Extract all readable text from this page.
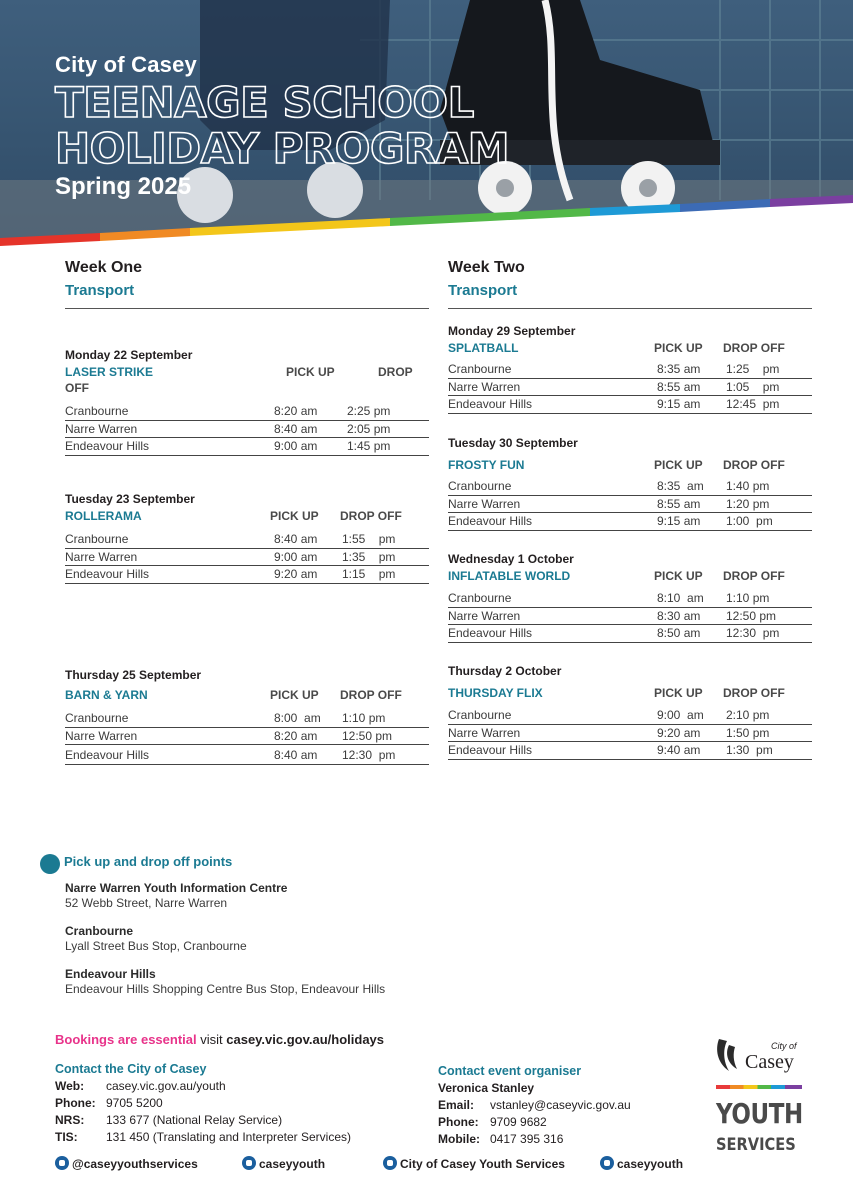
City of Casey
TEENAGE SCHOOL
HOLIDAY PROGRAM
Spring 2025
Week One
Transport
Monday 22 September
LASER STRIKE	PICK UP	DROP
OFF
Cranbourne	8:20 am 2:25 pm
Narre Warren	8:40 am 2:05 pm
Endeavour Hills	9:00 am 1:45 pm
Tuesday 23 September
ROLLERAMA	PICK UP DROP OFF
Cranbourne	8:40 am 1:55    pm
Narre Warren	9:00 am 1:35    pm
Endeavour Hills	9:20 am 1:15    pm
Thursday 25 September
BARN & YARN	PICK UP DROP OFF
Cranbourne	8:00  am 1:10 pm
Narre Warren	8:20 am 12:50 pm
Endeavour Hills	8:40 am 12:30  pm
Week Two
Transport
Monday 29 September
SPLATBALL	PICK UP DROP OFF
Cranbourne	8:35 am 1:25    pm
Narre Warren	8:55 am 1:05    pm
Endeavour Hills	9:15 am 12:45  pm
Tuesday 30 September
FROSTY FUN	PICK UP DROP OFF
Cranbourne	8:35  am 1:40 pm
Narre Warren	8:55 am 1:20 pm
Endeavour Hills	9:15 am 1:00  pm
Wednesday 1 October
INFLATABLE WORLD	PICK UP DROP OFF
Cranbourne	8:10  am 1:10 pm
Narre Warren	8:30 am 12:50 pm
Endeavour Hills	8:50 am 12:30  pm
Thursday 2 October
THURSDAY FLIX	PICK UP DROP OFF
Cranbourne	9:00  am 2:10 pm
Narre Warren	9:20 am 1:50 pm
Endeavour Hills	9:40 am 1:30  pm
Pick up and drop off points
Narre Warren Youth Information Centre
52 Webb Street, Narre Warren
Cranbourne
Lyall Street Bus Stop, Cranbourne
Endeavour Hills
Endeavour Hills Shopping Centre Bus Stop, Endeavour Hills
Bookings are essential visit casey.vic.gov.au/holidays
Contact the City of Casey
Web: casey.vic.gov.au/youth
Phone: 9705 5200
NRS: 133 677 (National Relay Service)
TIS: 131 450 (Translating and Interpreter Services)
Contact event organiser
Veronica Stanley
Email: vstanley@caseyvic.gov.au
Phone: 9709 9682
Mobile: 0417 395 316
@caseyyouthservices	caseyyouth	City of Casey Youth Services	caseyyouth
City of
Casey
YOUTH
SERVICES
